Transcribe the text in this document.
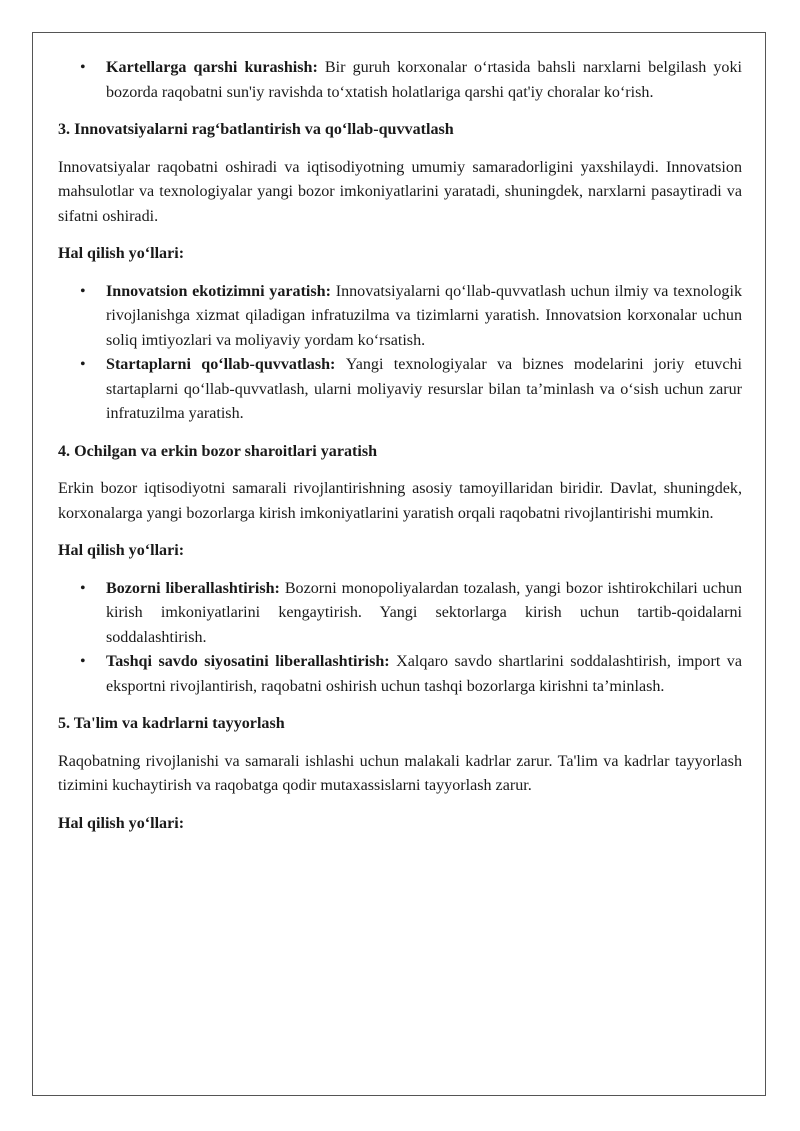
• Kartellarga qarshi kurashish: Bir guruh korxonalar o‘rtasida bahsli narxlarni belgilash yoki bozorda raqobatni sun'iy ravishda to‘xtatish holatlariga qarshi qat'iy choralar ko‘rish.
3. Innovatsiyalarni rag‘batlantirish va qo‘llab-quvvatlash

Innovatsiyalar raqobatni oshiradi va iqtisodiyotning umumiy samaradorligini yaxshilaydi. Innovatsion mahsulotlar va texnologiyalar yangi bozor imkoniyatlarini yaratadi, shuningdek, narxlarni pasaytiradi va sifatni oshiradi.

Hal qilish yo‘llari:
• Innovatsion ekotizimni yaratish: Innovatsiyalarni qo‘llab-quvvatlash uchun ilmiy va texnologik rivojlanishga xizmat qiladigan infratuzilma va tizimlarni yaratish. Innovatsion korxonalar uchun soliq imtiyozlari va moliyaviy yordam ko‘rsatish.
• Startaplarni qo‘llab-quvvatlash: Yangi texnologiyalar va biznes modelarini joriy etuvchi startaplarni qo‘llab-quvvatlash, ularni moliyaviy resurslar bilan ta’minlash va o‘sish uchun zarur infratuzilma yaratish.
4. Ochilgan va erkin bozor sharoitlari yaratish

Erkin bozor iqtisodiyotni samarali rivojlantirishning asosiy tamoyillaridan biridir. Davlat, shuningdek, korxonalarga yangi bozorlarga kirish imkoniyatlarini yaratish orqali raqobatni rivojlantirishi mumkin.

Hal qilish yo‘llari:
• Bozorni liberallashtirish: Bozorni monopoliyalardan tozalash, yangi bozor ishtirokchilari uchun kirish imkoniyatlarini kengaytirish. Yangi sektorlarga kirish uchun tartib-qoidalarni soddalashtirish.
• Tashqi savdo siyosatini liberallashtirish: Xalqaro savdo shartlarini soddalashtirish, import va eksportni rivojlantirish, raqobatni oshirish uchun tashqi bozorlarga kirishni ta’minlash.
5. Ta'lim va kadrlarni tayyorlash

Raqobatning rivojlanishi va samarali ishlashi uchun malakali kadrlar zarur. Ta'lim va kadrlar tayyorlash tizimini kuchaytirish va raqobatga qodir mutaxassislarni tayyorlash zarur.

Hal qilish yo‘llari:
